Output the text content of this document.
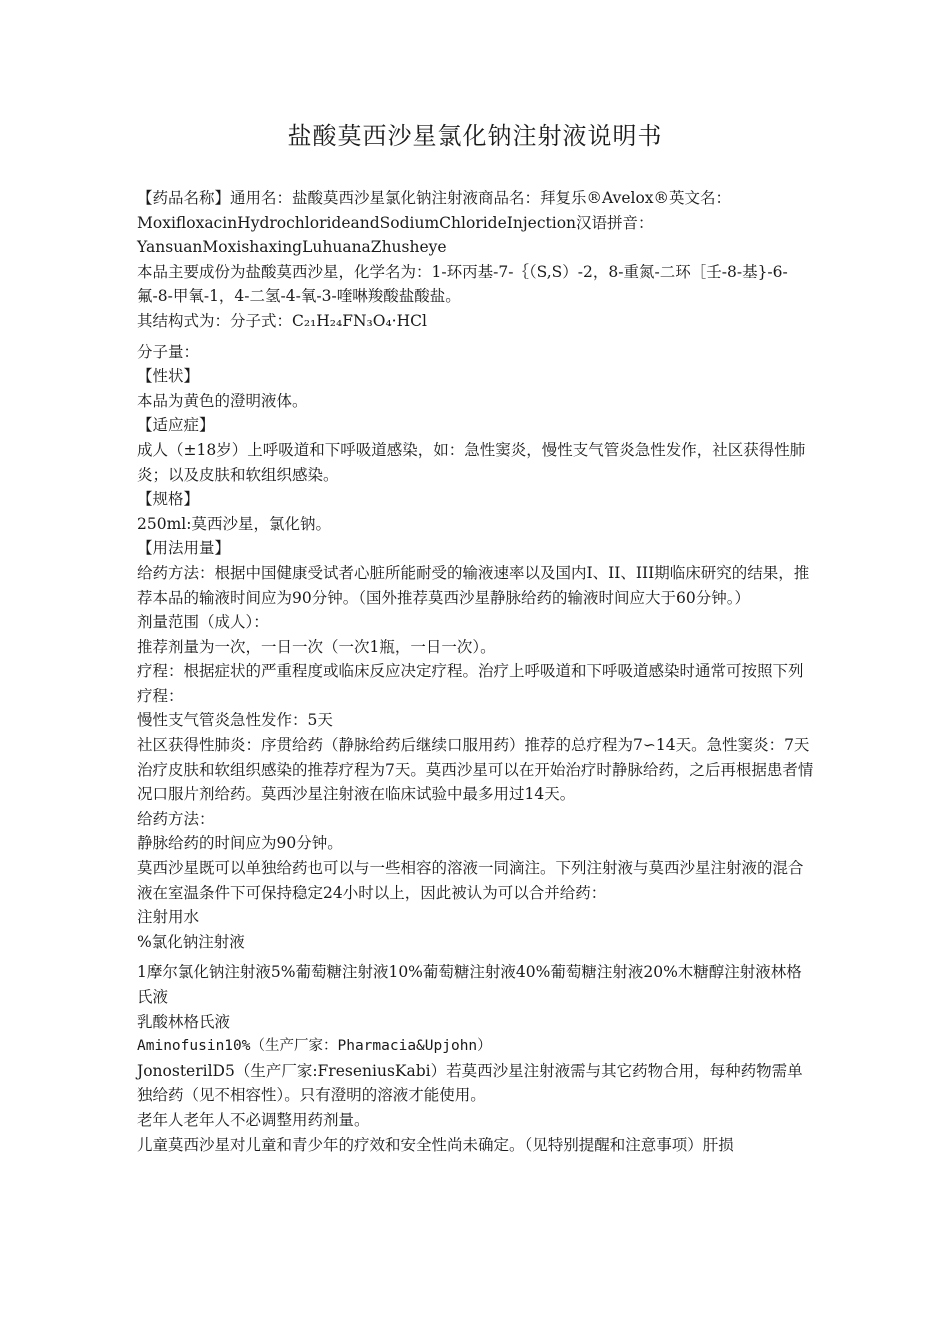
盐酸莫西沙星氯化钠注射液说明书

【药品名称】通用名：盐酸莫西沙星氯化钠注射液商品名：拜复乐®Avelox®英文名：MoxifloxacinHydrochlorideandSodiumChlorideInjection汉语拼音：YansuanMoxishaxingLuhuanaZhusheye

本品主要成份为盐酸莫西沙星，化学名为：1-环丙基-7-｛（S,S）-2，8-重氮-二环［壬-8-基}-6-氟-8-甲氧-1，4-二氢-4-氧-3-喹啉羧酸盐酸盐。

其结构式为：分子式：C₂₁H₂₄FN₃O₄·HCl

分子量：

【性状】

本品为黄色的澄明液体。

【适应症】

成人（±18岁）上呼吸道和下呼吸道感染，如：急性窦炎，慢性支气管炎急性发作，社区获得性肺炎；以及皮肤和软组织感染。

【规格】

250ml:莫西沙星，氯化钠。

【用法用量】

给药方法：根据中国健康受试者心脏所能耐受的输液速率以及国内I、II、III期临床研究的结果，推荐本品的输液时间应为90分钟。（国外推荐莫西沙星静脉给药的输液时间应大于60分钟。）

剂量范围（成人）：

推荐剂量为一次，一日一次（一次1瓶，一日一次）。

疗程：根据症状的严重程度或临床反应决定疗程。治疗上呼吸道和下呼吸道感染时通常可按照下列疗程：

慢性支气管炎急性发作：5天

社区获得性肺炎：序贯给药（静脉给药后继续口服用药）推荐的总疗程为7∽14天。急性窦炎：7天

治疗皮肤和软组织感染的推荐疗程为7天。莫西沙星可以在开始治疗时静脉给药，之后再根据患者情况口服片剂给药。莫西沙星注射液在临床试验中最多用过14天。

给药方法：

静脉给药的时间应为90分钟。

莫西沙星既可以单独给药也可以与一些相容的溶液一同滴注。下列注射液与莫西沙星注射液的混合液在室温条件下可保持稳定24小时以上，因此被认为可以合并给药：

注射用水

%氯化钠注射液

1摩尔氯化钠注射液5%葡萄糖注射液10%葡萄糖注射液40%葡萄糖注射液20%木糖醇注射液林格氏液

乳酸林格氏液

Aminofusin10%（生产厂家：Pharmacia&Upjohn）

JonosterilD5（生产厂家:FreseniusKabi）若莫西沙星注射液需与其它药物合用，每种药物需单独给药（见不相容性）。只有澄明的溶液才能使用。

老年人老年人不必调整用药剂量。

儿童莫西沙星对儿童和青少年的疗效和安全性尚未确定。（见特别提醒和注意事项）肝损
